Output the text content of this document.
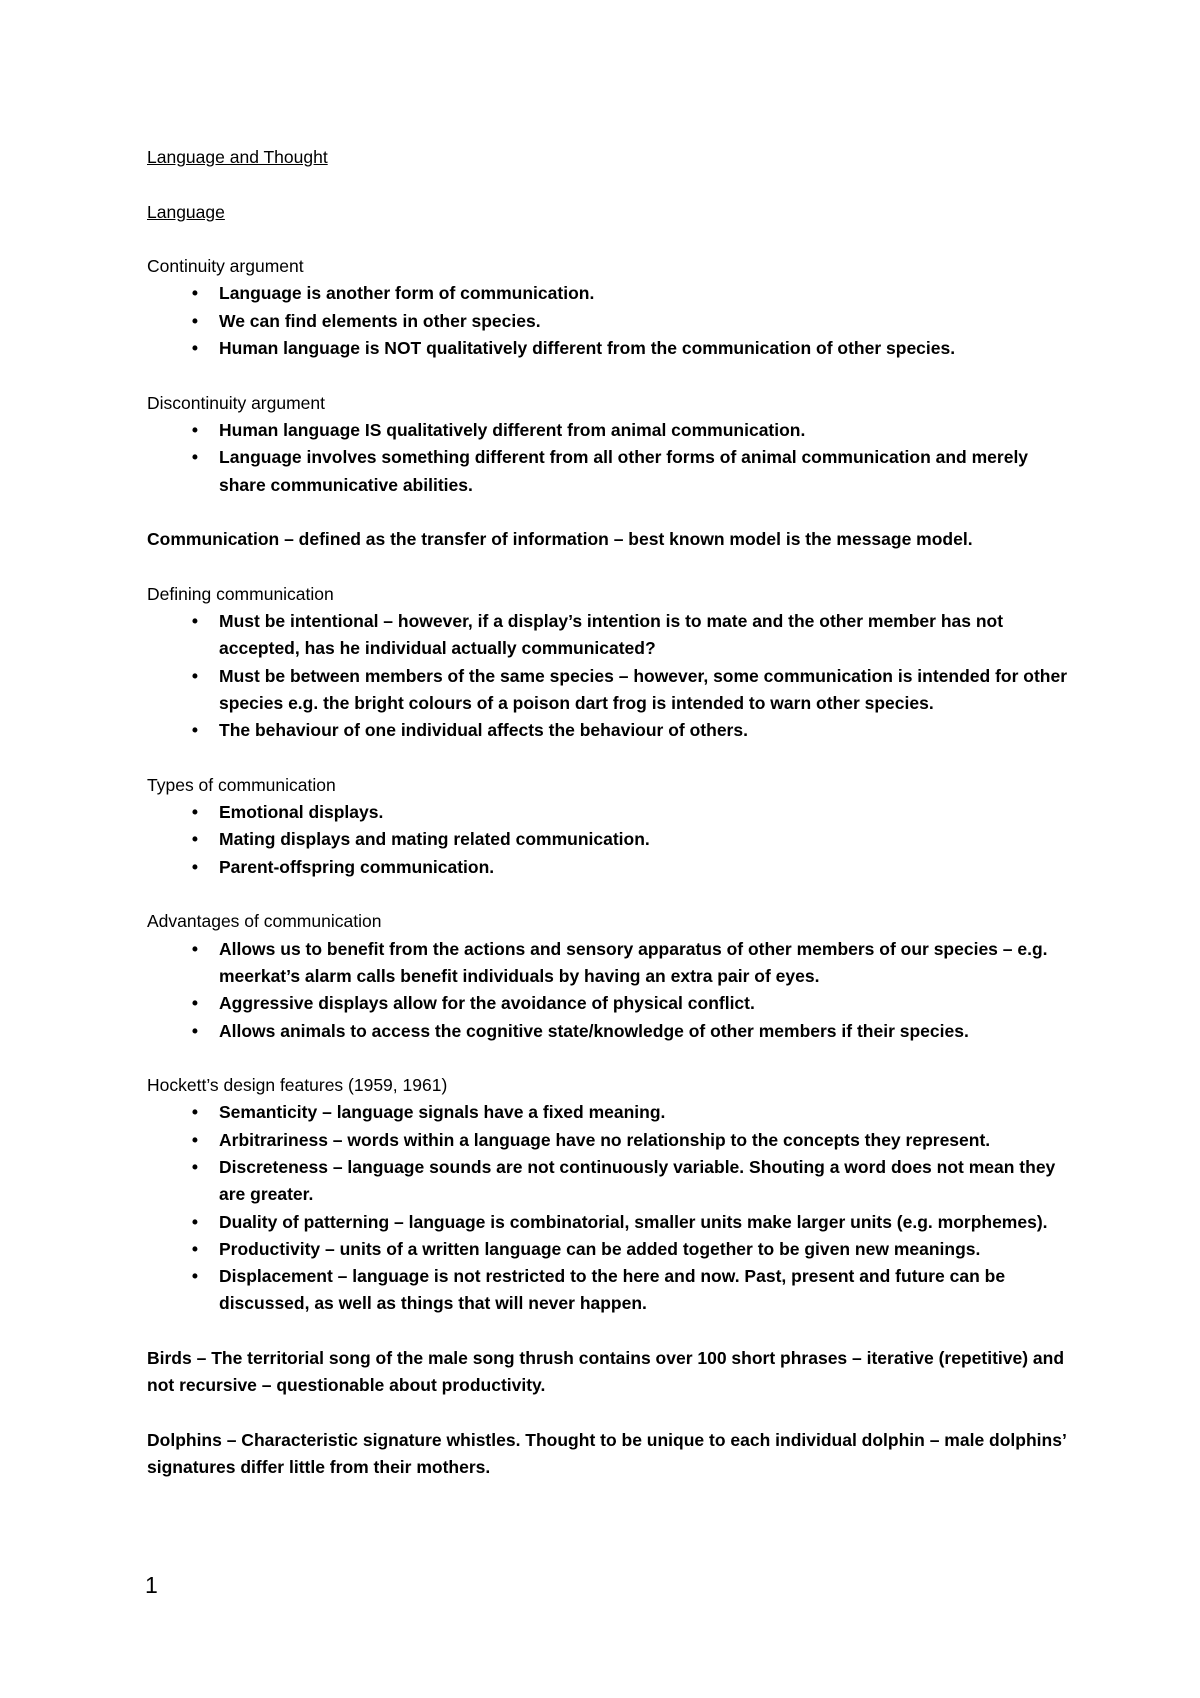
Language and Thought
Language
Continuity argument
•	Language is another form of communication.
•	We can find elements in other species.
•	Human language is NOT qualitatively different from the communication of other species.
Discontinuity argument
•	Human language IS qualitatively different from animal communication.
•	Language involves something different from all other forms of animal communication and merely share communicative abilities.
Communication – defined as the transfer of information – best known model is the message model.
Defining communication
•	Must be intentional – however, if a display’s intention is to mate and the other member has not accepted, has he individual actually communicated?
•	Must be between members of the same species – however, some communication is intended for other species e.g. the bright colours of a poison dart frog is intended to warn other species.
•	The behaviour of one individual affects the behaviour of others.
Types of communication
•	Emotional displays.
•	Mating displays and mating related communication.
•	Parent-offspring communication.
Advantages of communication
•	Allows us to benefit from the actions and sensory apparatus of other members of our species – e.g. meerkat’s alarm calls benefit individuals by having an extra pair of eyes.
•	Aggressive displays allow for the avoidance of physical conflict.
•	Allows animals to access the cognitive state/knowledge of other members if their species.
Hockett’s design features (1959, 1961)
•	Semanticity – language signals have a fixed meaning.
•	Arbitrariness – words within a language have no relationship to the concepts they represent.
•	Discreteness – language sounds are not continuously variable. Shouting a word does not mean they are greater.
•	Duality of patterning – language is combinatorial, smaller units make larger units (e.g. morphemes).
•	Productivity – units of a written language can be added together to be given new meanings.
•	Displacement – language is not restricted to the here and now. Past, present and future can be discussed, as well as things that will never happen.
Birds – The territorial song of the male song thrush contains over 100 short phrases – iterative (repetitive) and not recursive – questionable about productivity.
Dolphins – Characteristic signature whistles. Thought to be unique to each individual dolphin – male dolphins’ signatures differ little from their mothers.
1
